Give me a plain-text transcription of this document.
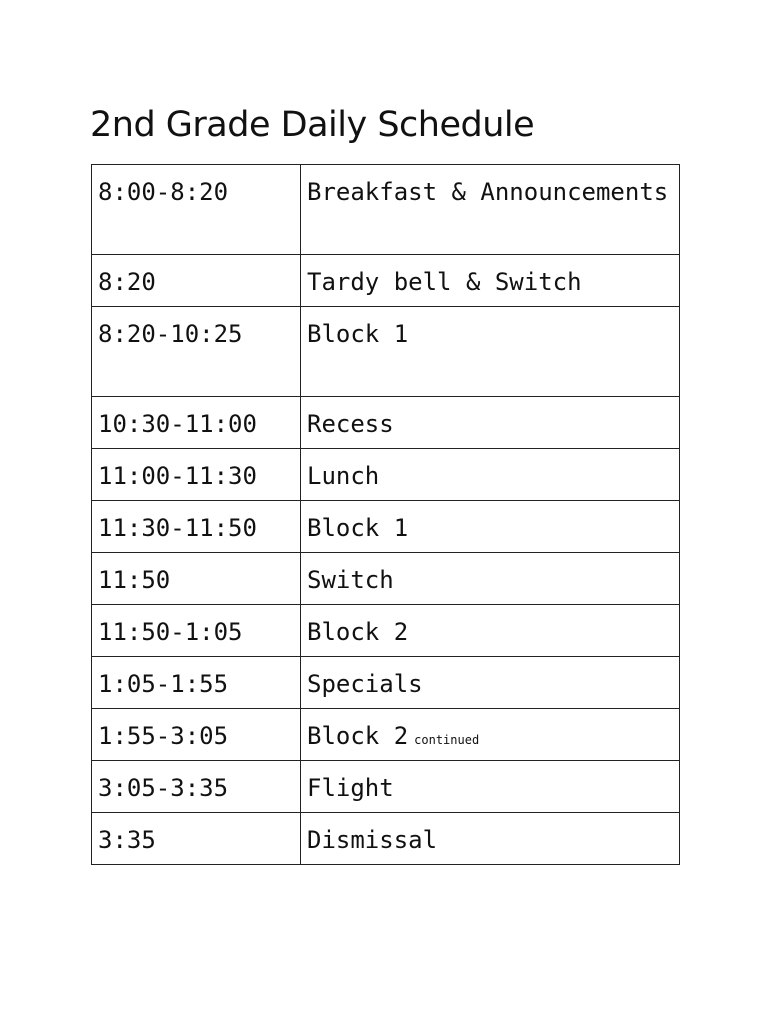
2nd Grade Daily Schedule
8:00-8:20	Breakfast & Announcements
8:20	Tardy bell & Switch
8:20-10:25	Block 1
10:30-11:00	Recess
11:00-11:30	Lunch
11:30-11:50	Block 1
11:50	Switch
11:50-1:05	Block 2
1:05-1:55	Specials
1:55-3:05	Block 2 continued
3:05-3:35	Flight
3:35	Dismissal
